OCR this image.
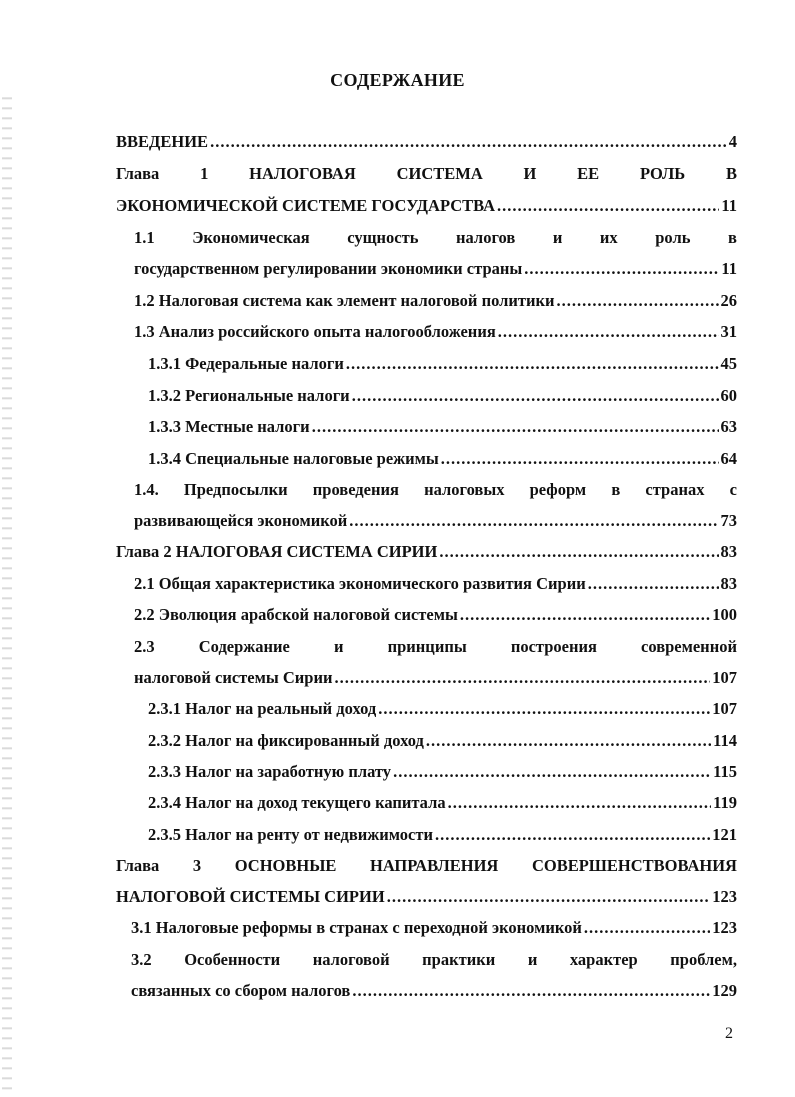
СОДЕРЖАНИЕ
ВВЕДЕНИЕ .....	4
Глава 1 НАЛОГОВАЯ СИСТЕМА И ЕЕ РОЛЬ В
ЭКОНОМИЧЕСКОЙ СИСТЕМЕ ГОСУДАРСТВА .....	11
1.1 Экономическая сущность налогов и их роль в
государственном регулировании экономики страны .....	11
1.2 Налоговая система как элемент налоговой политики .....	26
1.3 Анализ российского опыта налогообложения .....	31
1.3.1 Федеральные налоги .....	45
1.3.2 Региональные налоги .....	60
1.3.3 Местные налоги .....	63
1.3.4 Специальные налоговые режимы .....	64
1.4. Предпосылки проведения налоговых реформ в странах с
развивающейся экономикой .....	73
Глава 2 НАЛОГОВАЯ СИСТЕМА СИРИИ .....	83
2.1 Общая характеристика экономического развития Сирии .....	83
2.2 Эволюция арабской налоговой системы .....	100
2.3	Содержание	и	принципы	построения	современной
налоговой системы Сирии .....	107
2.3.1 Налог на реальный доход .....	107
2.3.2 Налог на фиксированный доход .....	114
2.3.3 Налог на заработную плату .....	115
2.3.4 Налог на доход текущего капитала .....	119
2.3.5 Налог на ренту от недвижимости .....	121
Глава 3 ОСНОВНЫЕ НАПРАВЛЕНИЯ СОВЕРШЕНСТВОВАНИЯ
НАЛОГОВОЙ СИСТЕМЫ СИРИИ .....	123
3.1 Налоговые реформы в странах с переходной экономикой .....	123
3.2 Особенности налоговой практики и характер проблем,
связанных со сбором налогов .....	129
2
